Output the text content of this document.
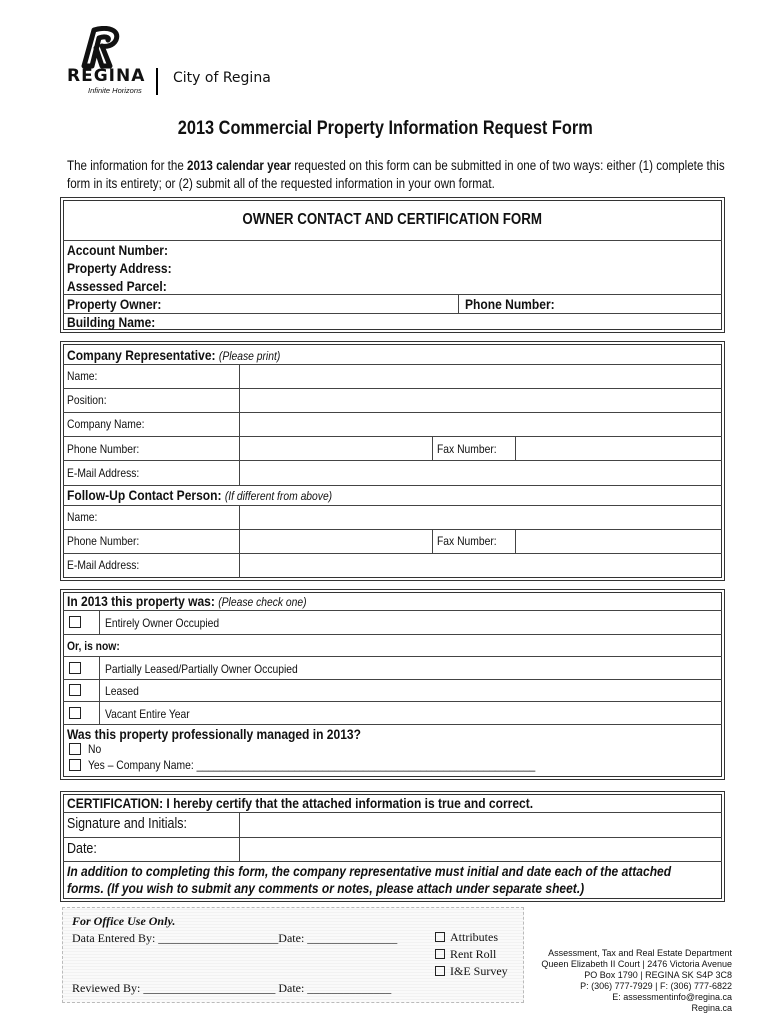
REGINA
Infinite Horizons
City of Regina
2013 Commercial Property Information Request Form
The information for the 2013 calendar year requested on this form can be submitted in one of two ways: either (1) complete this
form in its entirety; or (2) submit all of the requested information in your own format.
OWNER CONTACT AND CERTIFICATION FORM
Account Number:
Property Address:
Assessed Parcel:
Property Owner:	Phone Number:
Building Name:
Company Representative: (Please print)
Name:
Position:
Company Name:
Phone Number:	Fax Number:
E-Mail Address:
Follow-Up Contact Person: (If different from above)
Name:
Phone Number:	Fax Number:
E-Mail Address:
In 2013 this property was: (Please check one)
Entirely Owner Occupied
Or, is now:
Partially Leased/Partially Owner Occupied
Leased
Vacant Entire Year
Was this property professionally managed in 2013?
No
Yes – Company Name: ___________________________________________________________
CERTIFICATION: I hereby certify that the attached information is true and correct.
Signature and Initials:
Date:
In addition to completing this form, the company representative must initial and date each of the attached
forms. (If you wish to submit any comments or notes, please attach under separate sheet.)
For Office Use Only.
Data Entered By: ____________________Date: _______________
Reviewed By: ______________________ Date: ______________
Attributes
Rent Roll
I&E Survey
Assessment, Tax and Real Estate Department
Queen Elizabeth II Court | 2476 Victoria Avenue
PO Box 1790 | REGINA SK S4P 3C8
P: (306) 777-7929 | F: (306) 777-6822
E: assessmentinfo@regina.ca
Regina.ca
